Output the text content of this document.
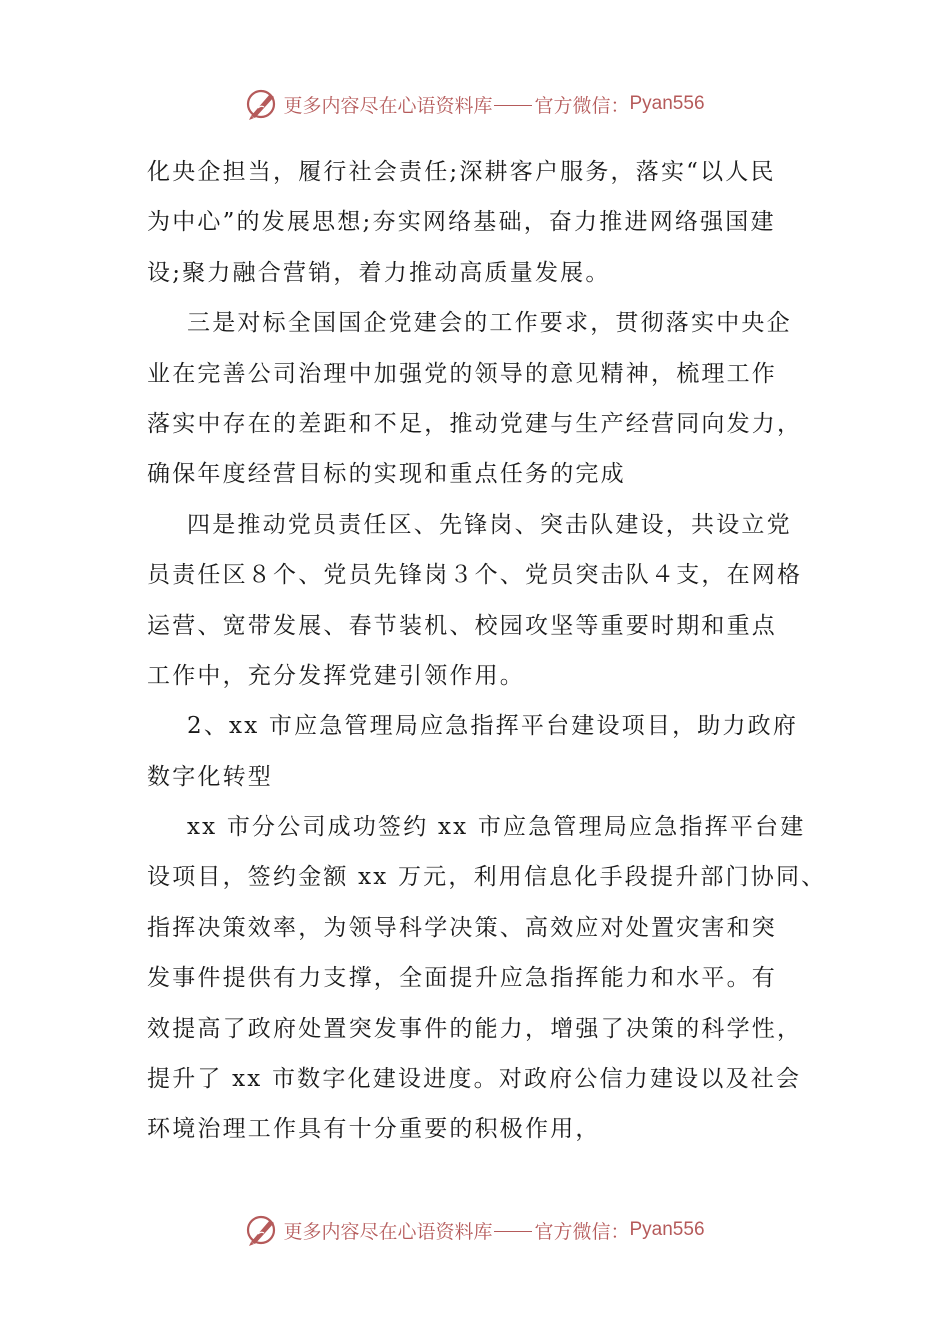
更多内容尽在心语资料库 官方微信： Pyan556
化央企担当，履行社会责任;深耕客户服务，落实“以人民
为中心”的发展思想;夯实网络基础，奋力推进网络强国建
设;聚力融合营销，着力推动高质量发展。
三是对标全国国企党建会的工作要求，贯彻落实中央企
业在完善公司治理中加强党的领导的意见精神，梳理工作
落实中存在的差距和不足，推动党建与生产经营同向发力，
确保年度经营目标的实现和重点任务的完成
四是推动党员责任区、先锋岗、突击队建设，共设立党
员责任区８个、党员先锋岗３个、党员突击队４支，在网格
运营、宽带发展、春节装机、校园攻坚等重要时期和重点
工作中，充分发挥党建引领作用。
2、xx 市应急管理局应急指挥平台建设项目，助力政府
数字化转型
xx 市分公司成功签约 xx 市应急管理局应急指挥平台建
设项目，签约金额 xx 万元，利用信息化手段提升部门协同、
指挥决策效率，为领导科学决策、高效应对处置灾害和突
发事件提供有力支撑，全面提升应急指挥能力和水平。有
效提高了政府处置突发事件的能力，增强了决策的科学性，
提升了 xx 市数字化建设进度。对政府公信力建设以及社会
环境治理工作具有十分重要的积极作用，
更多内容尽在心语资料库 官方微信： Pyan556
